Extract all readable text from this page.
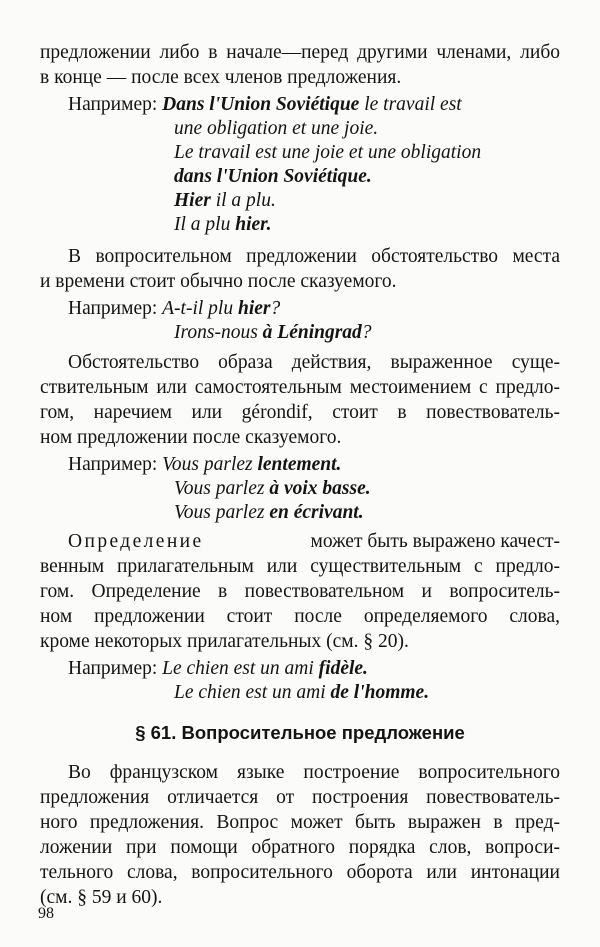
предложении либо в начале—перед другими членами, либо
в конце — после всех членов предложения.
Например: Dans l'Union Soviétique le travail est
une obligation et une joie.
Le travail est une joie et une obligation
dans l'Union Soviétique.
Hier il a plu.
Il a plu hier.
В вопросительном предложении обстоятельство места
и времени стоит обычно после сказуемого.
Например: A-t-il plu hier?
Irons-nous à Léningrad?
Обстоятельство образа действия, выраженное суще-
ствительным или самостоятельным местоимением с предло-
гом, наречием или gérondif, стоит в повествователь-
ном предложении после сказуемого.
Например: Vous parlez lentement.
Vous parlez à voix basse.
Vous parlez en écrivant.
Определение	может быть выражено качест-
венным прилагательным или существительным с предло-
гом. Определение в повествовательном и вопроситель-
ном предложении стоит после определяемого слова,
кроме некоторых прилагательных (см. § 20).
Например: Le chien est un ami fidèle.
Le chien est un ami de l'homme.
§ 61. Вопросительное предложение
Во французском языке построение вопросительного
предложения отличается от построения повествователь-
ного предложения. Вопрос может быть выражен в пред-
ложении при помощи обратного порядка слов, вопроси-
тельного слова, вопросительного оборота или интонации
(см. § 59 и 60).
98
